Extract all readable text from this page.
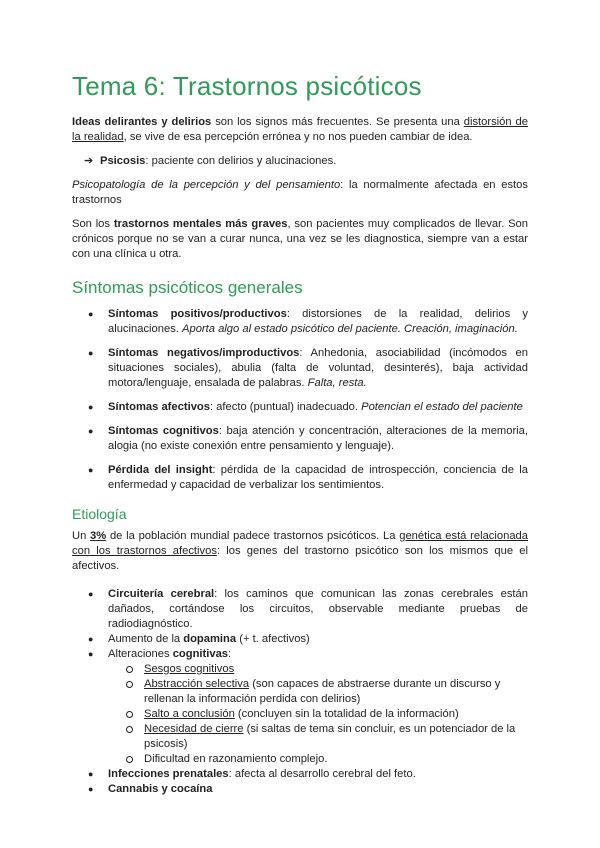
Tema 6: Trastornos psicóticos

Ideas delirantes y delirios son los signos más frecuentes. Se presenta una distorsión de la realidad, se vive de esa percepción errónea y no nos pueden cambiar de idea.

➔ Psicosis: paciente con delirios y alucinaciones.

Psicopatología de la percepción y del pensamiento: la normalmente afectada en estos trastornos

Son los trastornos mentales más graves, son pacientes muy complicados de llevar. Son crónicos porque no se van a curar nunca, una vez se les diagnostica, siempre van a estar con una clínica u otra.

Síntomas psicóticos generales
● Síntomas positivos/productivos: distorsiones de la realidad, delirios y alucinaciones. Aporta algo al estado psicótico del paciente. Creación, imaginación.
● Síntomas negativos/improductivos: Anhedonia, asociabilidad (incómodos en situaciones sociales), abulia (falta de voluntad, desinterés), baja actividad motora/lenguaje, ensalada de palabras. Falta, resta.
● Síntomas afectivos: afecto (puntual) inadecuado. Potencian el estado del paciente
● Síntomas cognitivos: baja atención y concentración, alteraciones de la memoria, alogia (no existe conexión entre pensamiento y lenguaje).
● Pérdida del insight: pérdida de la capacidad de introspección, conciencia de la enfermedad y capacidad de verbalizar los sentimientos.
Etiología

Un 3% de la población mundial padece trastornos psicóticos. La genética está relacionada con los trastornos afectivos: los genes del trastorno psicótico son los mismos que el afectivos.

● Circuitería cerebral: los caminos que comunican las zonas cerebrales están dañados, cortándose los circuitos, observable mediante pruebas de radiodiagnóstico.
● Aumento de la dopamina (+ t. afectivos)
● Alteraciones cognitivas:
Sesgos cognitivos
Abstracción selectiva (son capaces de abstraerse durante un discurso y rellenan la información perdida con delirios)
Salto a conclusión (concluyen sin la totalidad de la información)
Necesidad de cierre (si saltas de tema sin concluir, es un potenciador de la psicosis)
Dificultad en razonamiento complejo.
● Infecciones prenatales: afecta al desarrollo cerebral del feto.
● Cannabis y cocaína
